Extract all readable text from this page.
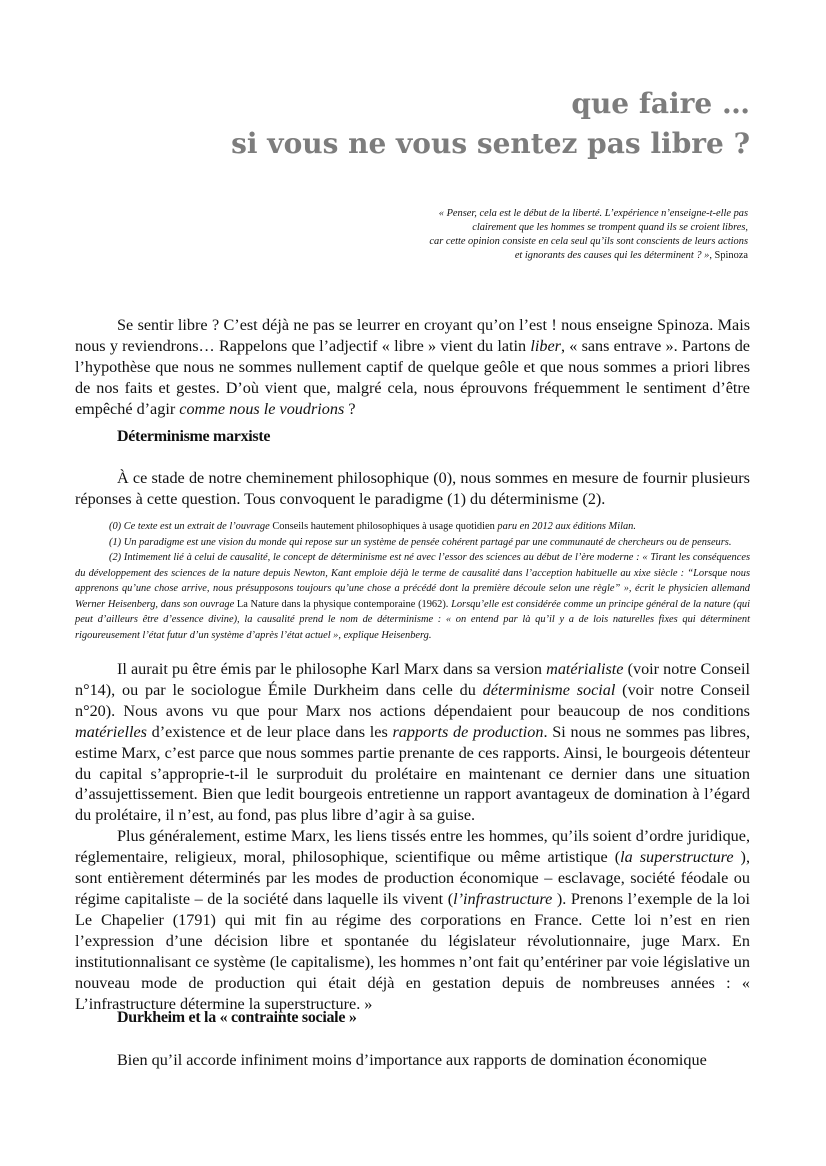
que faire …
si vous ne vous sentez pas libre ?
« Penser, cela est le début de la liberté. L’expérience n’enseigne-t-elle pas
clairement que les hommes se trompent quand ils se croient libres,
car cette opinion consiste en cela seul qu’ils sont conscients de leurs actions
et ignorants des causes qui les déterminent ? », Spinoza

Se sentir libre ? C’est déjà ne pas se leurrer en croyant qu’on l’est ! nous enseigne Spinoza. Mais nous y reviendrons… Rappelons que l’adjectif « libre » vient du latin liber, « sans entrave ». Partons de l’hypothèse que nous ne sommes nullement captif de quelque geôle et que nous sommes a priori libres de nos faits et gestes. D’où vient que, malgré cela, nous éprouvons fréquemment le sentiment d’être empêché d’agir comme nous le voudrions ?

Déterminisme marxiste

À ce stade de notre cheminement philosophique (0), nous sommes en mesure de fournir plusieurs réponses à cette question. Tous convoquent le paradigme (1) du déterminisme (2).

(0) Ce texte est un extrait de l’ouvrage Conseils hautement philosophiques à usage quotidien paru en 2012 aux éditions Milan.

(1) Un paradigme est une vision du monde qui repose sur un système de pensée cohérent partagé par une communauté de chercheurs ou de penseurs.

(2) Intimement lié à celui de causalité, le concept de déterminisme est né avec l’essor des sciences au début de l’ère moderne : « Tirant les conséquences du développement des sciences de la nature depuis Newton, Kant emploie déjà le terme de causalité dans l’acception habituelle au xixe siècle : “Lorsque nous apprenons qu’une chose arrive, nous présupposons toujours qu’une chose a précédé dont la première découle selon une règle” », écrit le physicien allemand Werner Heisenberg, dans son ouvrage La Nature dans la physique contemporaine (1962). Lorsqu’elle est considérée comme un principe général de la nature (qui peut d’ailleurs être d’essence divine), la causalité prend le nom de déterminisme : « on entend par là qu’il y a de lois naturelles fixes qui déterminent rigoureusement l’état futur d’un système d’après l’état actuel », explique Heisenberg.

Il aurait pu être émis par le philosophe Karl Marx dans sa version matérialiste (voir notre Conseil n°14), ou par le sociologue Émile Durkheim dans celle du déterminisme social (voir notre Conseil n°20). Nous avons vu que pour Marx nos actions dépendaient pour beaucoup de nos conditions matérielles d’existence et de leur place dans les rapports de production. Si nous ne sommes pas libres, estime Marx, c’est parce que nous sommes partie prenante de ces rapports. Ainsi, le bourgeois détenteur du capital s’approprie-t-il le surproduit du prolétaire en maintenant ce dernier dans une situation d’assujettissement. Bien que ledit bourgeois entretienne un rapport avantageux de domination à l’égard du prolétaire, il n’est, au fond, pas plus libre d’agir à sa guise.

Plus généralement, estime Marx, les liens tissés entre les hommes, qu’ils soient d’ordre juridique, réglementaire, religieux, moral, philosophique, scientifique ou même artistique (la superstructure ), sont entièrement déterminés par les modes de production économique – esclavage, société féodale ou régime capitaliste – de la société dans laquelle ils vivent (l’infrastructure ). Prenons l’exemple de la loi Le Chapelier (1791) qui mit fin au régime des corporations en France. Cette loi n’est en rien l’expression d’une décision libre et spontanée du législateur révolutionnaire, juge Marx. En institutionnalisant ce système (le capitalisme), les hommes n’ont fait qu’entériner par voie législative un nouveau mode de production qui était déjà en gestation depuis de nombreuses années : « L’infrastructure détermine la superstructure. »

Durkheim et la « contrainte sociale »

Bien qu’il accorde infiniment moins d’importance aux rapports de domination économique
